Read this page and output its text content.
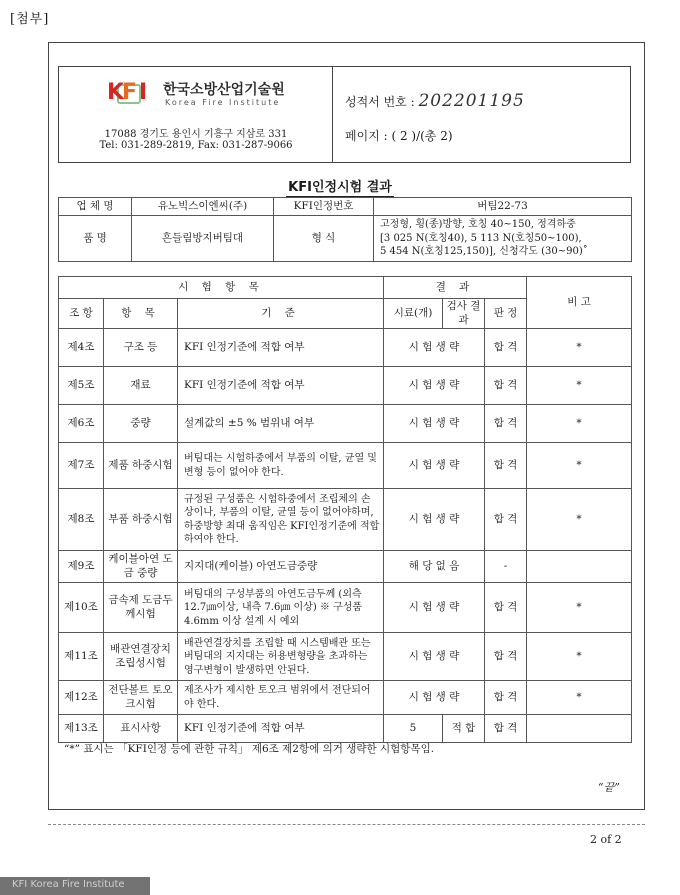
[첨부]
K
F I 한국소방산업기술원
Korea Fire Institute
17088 경기도 용인시 기흥구 지삼로 331
Tel: 031-289-2819, Fax: 031-287-9066
성적서 번호 : 202201195
페이지 : ( 2 )/(총 2)
KFI인정시험 결과
업 체 명	유노빅스이엔씨(주)	KFI인정번호	버팀22-73
품 명	흔들림방지버팀대	형 식	고정형, 횡(종)방향, 호칭 40~150, 정격하중
[3 025 N(호칭40), 5 113 N(호칭50~100),
5 454 N(호칭125,150)], 신청각도 (30~90)˚
시 험 항 목			결 과			비 고
조 항	항 목	기 준	시료(개)	검사 결과	판 정	
제4조	구조 등	KFI 인정기준에 적합 여부	시 험 생 략		합 격	*
제5조	재료	KFI 인정기준에 적합 여부	시 험 생 략		합 격	*
제6조	중량	설계값의 ±5 % 범위내 여부	시 험 생 략		합 격	*
제7조	제품 하중시험	버팀대는 시험하중에서 부품의 이탈, 균열 및 변형 등이 없어야 한다.	시 험 생 략		합 격	*
제8조	부품 하중시험	규정된 구성품은 시험하중에서 조립체의 손상이나, 부품의 이탈, 균열 등이 없어야하며, 하중방향 최대 움직임은 KFI인정기준에 적합하여야 한다.	시 험 생 략		합 격	*
제9조	케이블아연 도금 중량	지지대(케이블) 아연도금중량	해 당 없 음		-	
제10조	금속제 도금두께시험	버팀대의 구성부품의 아연도금두께 (외측 12.7㎛이상, 내측 7.6㎛ 이상) ※ 구성품 4.6mm 이상 설계 시 예외	시 험 생 략		합 격	*
제11조	배관연결장치 조립성시험	배관연결장치를 조립할 때 시스템배관 또는 버팀대의 지지대는 허용변형량을 초과하는 영구변형이 발생하면 안된다.	시 험 생 략		합 격	*
제12조	전단볼트 토오크시험	제조사가 제시한 토오크 범위에서 전단되어야 한다.	시 험 생 략		합 격	*
제13조	표시사항	KFI 인정기준에 적합 여부	5	적 합	합 격	
“*” 표시는 「KFI인정 등에 관한 규칙」 제6조 제2항에 의거 생략한 시험항목임.
“끝”
2 of 2
KFI Korea Fire Institute
